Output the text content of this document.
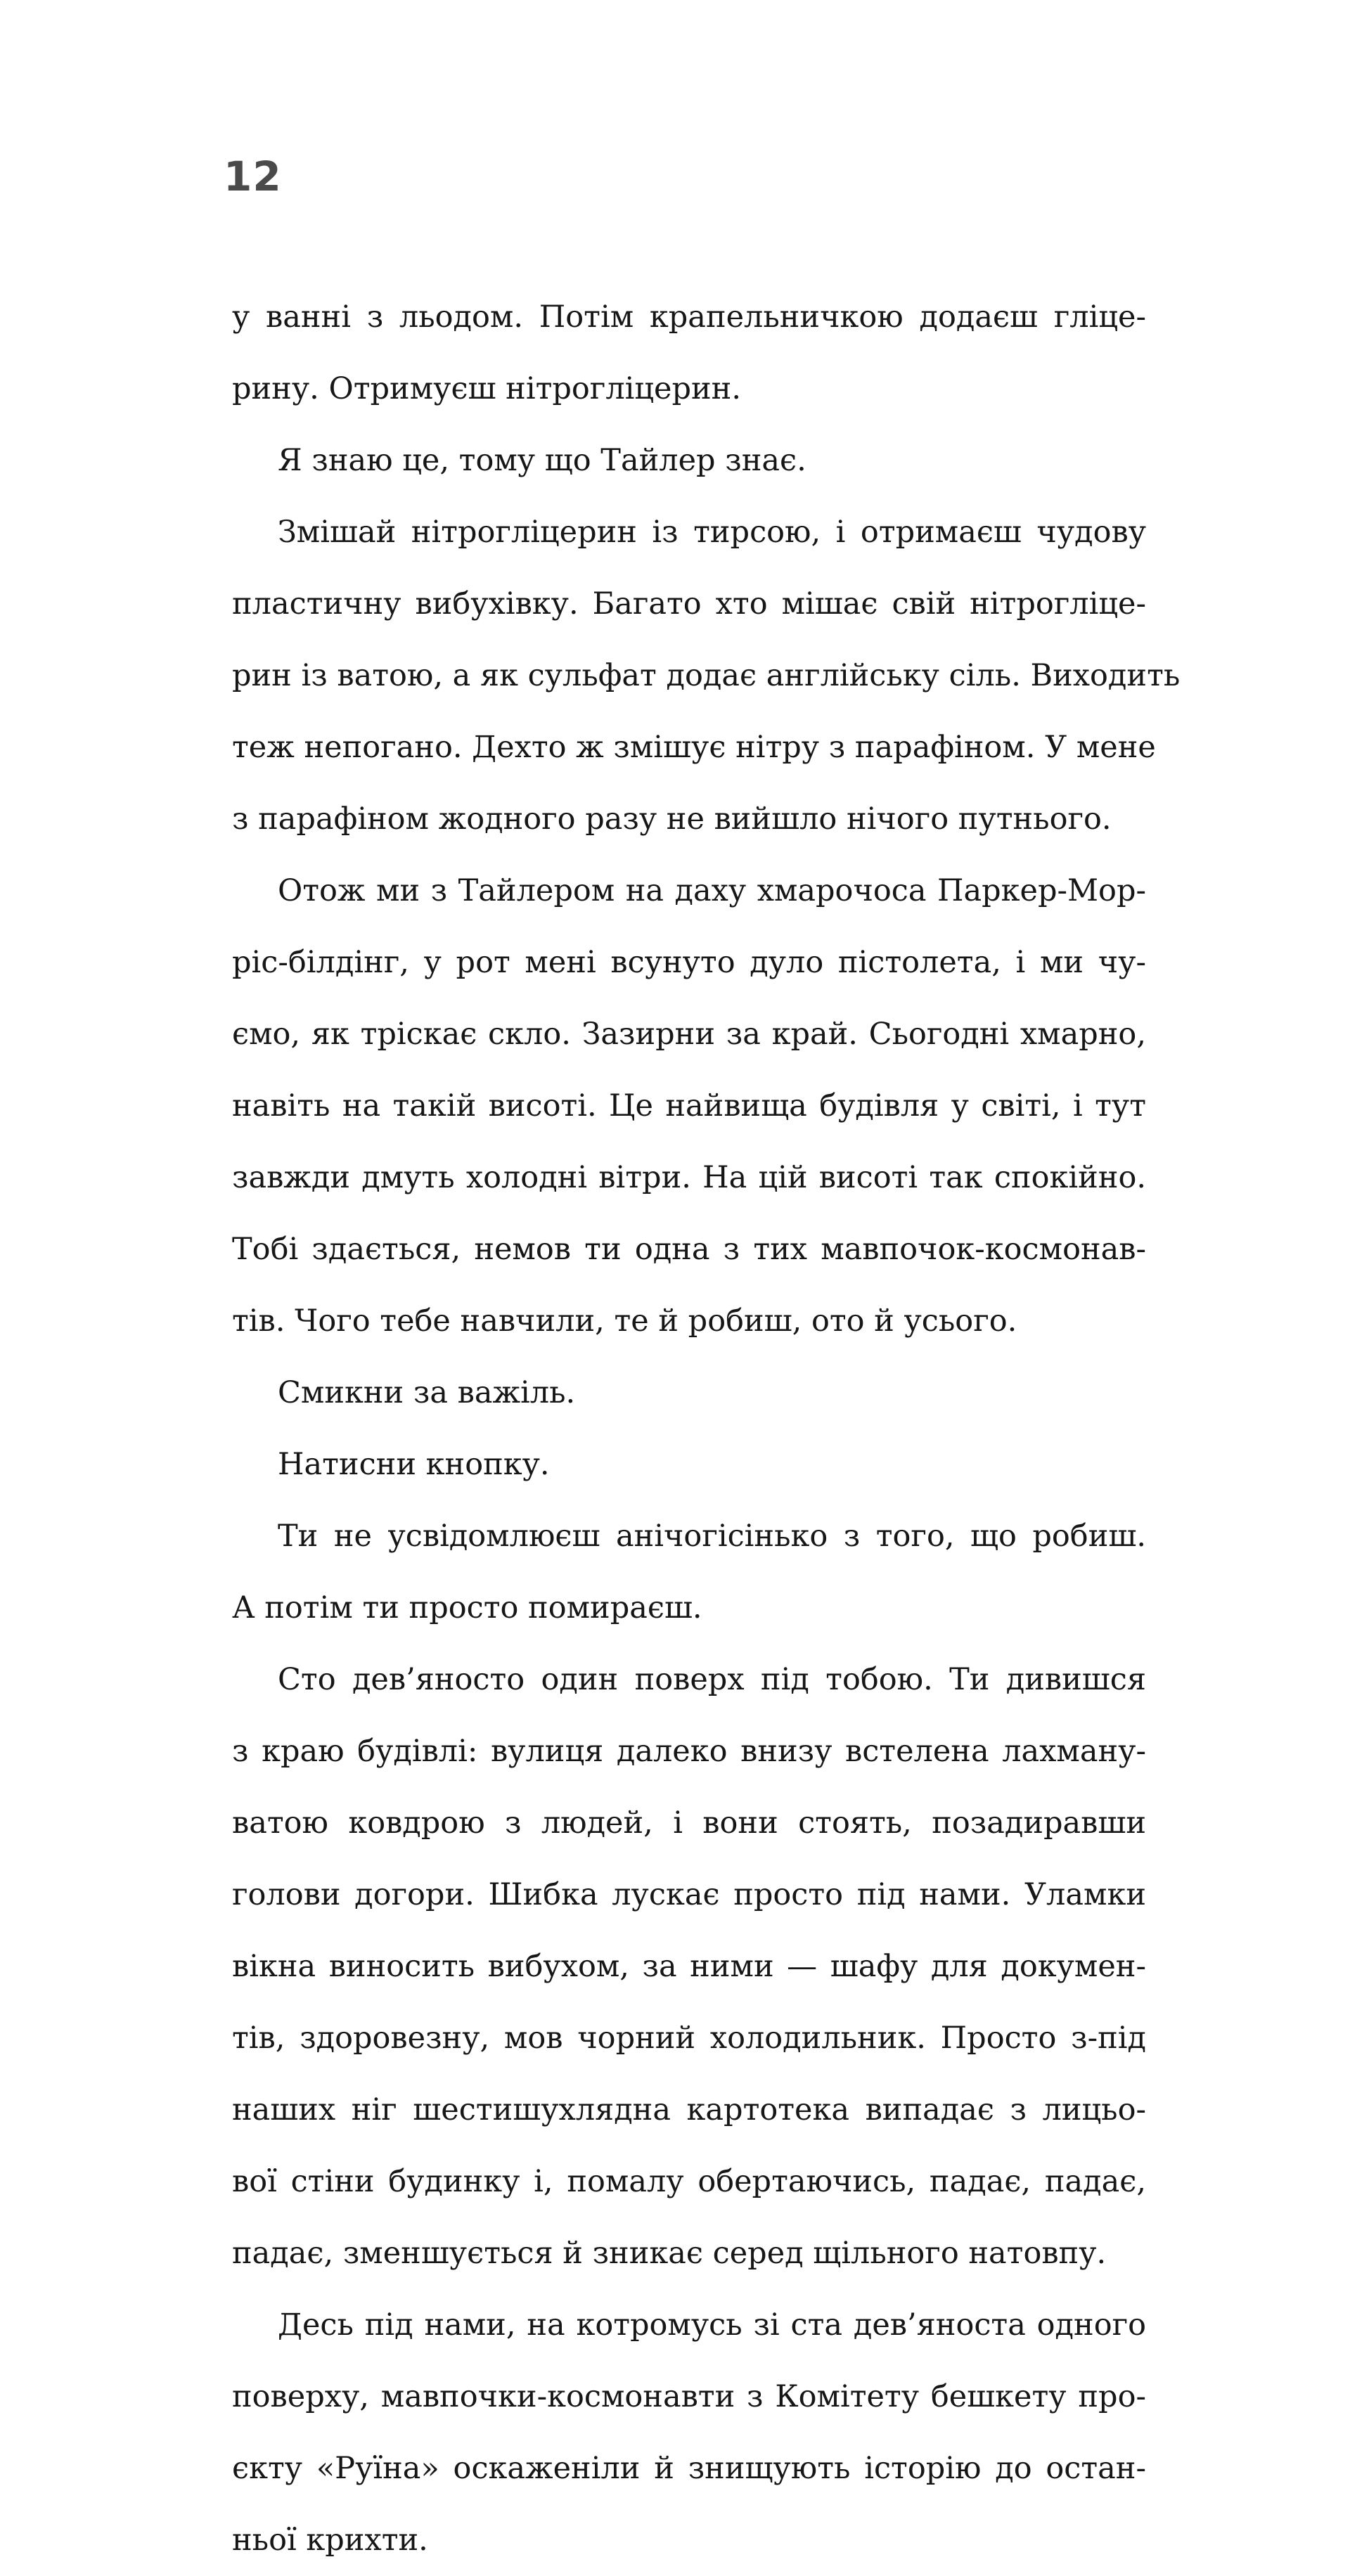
12
у ванні з льодом. Потім крапельничкою додаєш гліце-
рину. Отримуєш нітрогліцерин.
Я знаю це, тому що Тайлер знає.
Змішай нітрогліцерин із тирсою, і отримаєш чудову
пластичну вибухівку. Багато хто мішає свій нітрогліце-
рин із ватою, а як сульфат додає англійську сіль. Виходить
теж непогано. Дехто ж змішує нітру з парафіном. У мене
з парафіном жодного разу не вийшло нічого путнього.
Отож ми з Тайлером на даху хмарочоса Паркер-Мор-
ріс-білдінг, у рот мені всунуто дуло пістолета, і ми чу-
ємо, як тріскає скло. Зазирни за край. Сьогодні хмарно,
навіть на такій висоті. Це найвища будівля у світі, і тут
завжди дмуть холодні вітри. На цій висоті так спокійно.
Тобі здається, немов ти одна з тих мавпочок-космонав-
тів. Чого тебе навчили, те й робиш, ото й усього.
Смикни за важіль.
Натисни кнопку.
Ти не усвідомлюєш анічогісінько з того, що робиш.
А потім ти просто помираєш.
Сто дев’яносто один поверх під тобою. Ти дивишся
з краю будівлі: вулиця далеко внизу встелена лахману-
ватою ковдрою з людей, і вони стоять, позадиравши
голови догори. Шибка лускає просто під нами. Уламки
вікна виносить вибухом, за ними — шафу для докумен-
тів, здоровезну, мов чорний холодильник. Просто з-під
наших ніг шестишухлядна картотека випадає з лицьо-
вої стіни будинку і, помалу обертаючись, падає, падає,
падає, зменшується й зникає серед щільного натовпу.
Десь під нами, на котромусь зі ста дев’яноста одного
поверху, мавпочки-космонавти з Комітету бешкету про-
єкту «Руїна» оскаженіли й знищують історію до остан-
ньої крихти.
